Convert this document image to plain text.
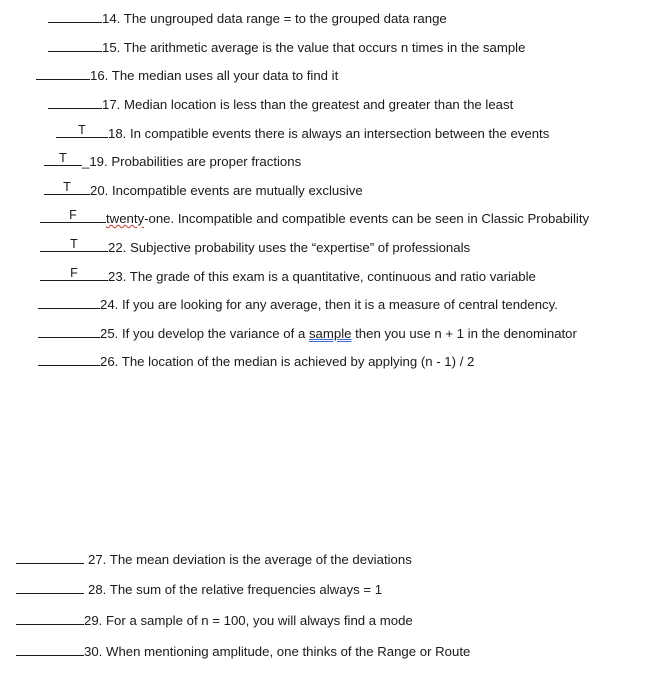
14. The ungrouped data range = to the grouped data range
15. The arithmetic average is the value that occurs n times in the sample
16. The median uses all your data to find it
17. Median location is less than the greatest and greater than the least
T	18. In compatible events there is always an intersection between the events
T	_19. Probabilities are proper fractions
T	20. Incompatible events are mutually exclusive
F	twenty-one. Incompatible and compatible events can be seen in Classic Probability
T	22. Subjective probability uses the “expertise” of professionals
F	23. The grade of this exam is a quantitative, continuous and ratio variable
24. If you are looking for any average, then it is a measure of central tendency.
25. If you develop the variance of a sample then you use n + 1 in the denominator
26. The location of the median is achieved by applying (n - 1) / 2
27. The mean deviation is the average of the deviations
28. The sum of the relative frequencies always = 1
29. For a sample of n = 100, you will always find a mode
30. When mentioning amplitude, one thinks of the Range or Route
